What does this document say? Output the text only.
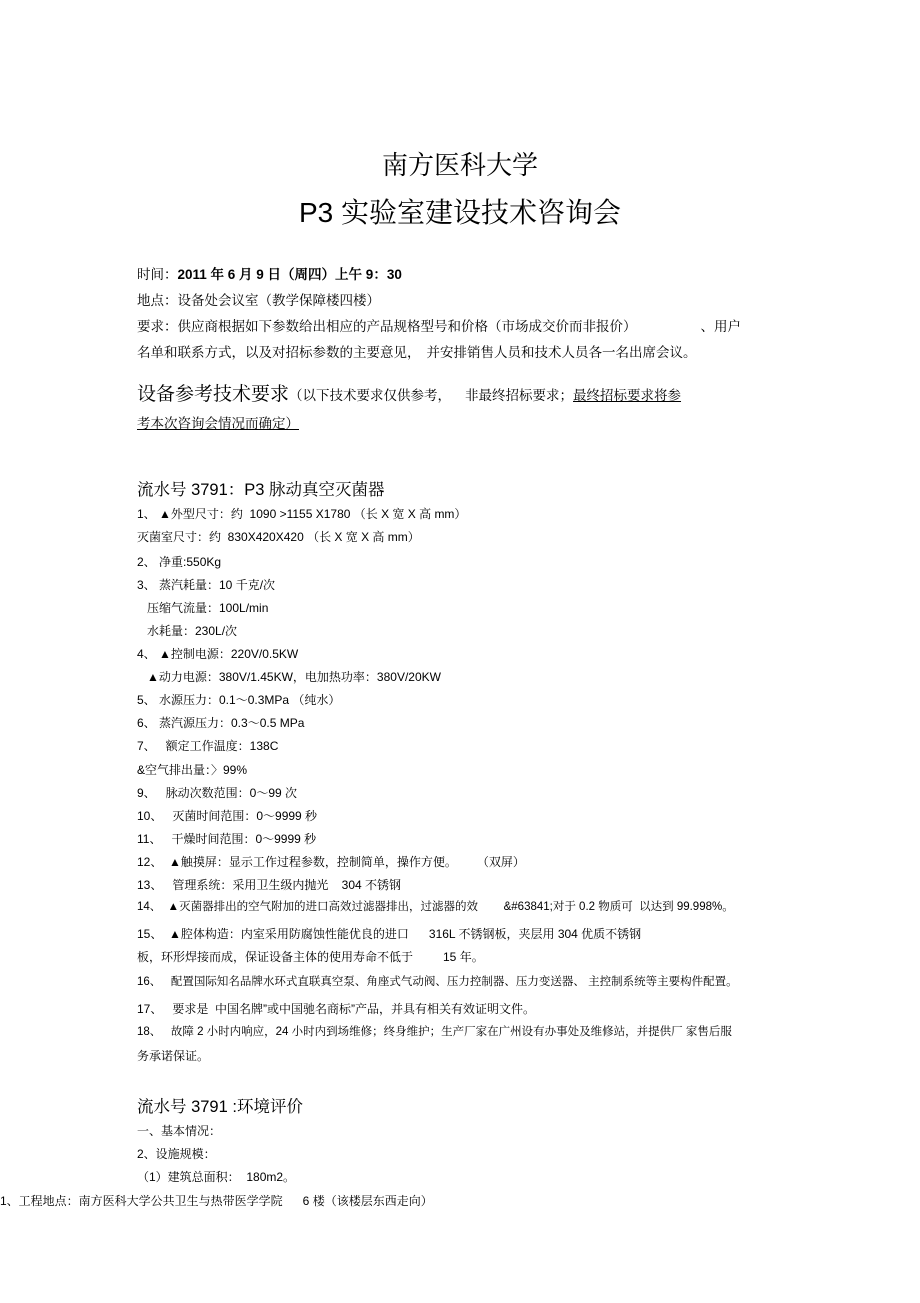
南方医科大学
P3 实验室建设技术咨询会
时间：2011 年 6 月 9 日（周四）上午 9：30
地点：设备处会议室（教学保障楼四楼）
要求：供应商根据如下参数给出相应的产品规格型号和价格（市场成交价而非报价）	、用户
名单和联系方式，以及对招标参数的主要意见， 并安排销售人员和技术人员各一名出席会议。
设备参考技术要求（以下技术要求仅供参考， 非最终招标要求；最终招标要求将参
考本次咨询会情况而确定）
流水号 3791：P3 脉动真空灭菌器
1、 ▲外型尺寸：约  1090 >1155 X1780 （长 X 宽 X 高 mm）
灭菌室尺寸：约  830X420X420 （长 X 宽 X 高 mm）
2、 净重:550Kg
3、 蒸汽耗量：10 千克/次
压缩气流量：100L/min
水耗量：230L/次
4、 ▲控制电源：220V/0.5KW
▲动力电源：380V/1.45KW，电加热功率：380V/20KW
5、 水源压力：0.1～0.3MPa （纯水）
6、 蒸汽源压力：0.3～0.5 MPa
7、   额定工作温度：138C
&空气排出量：〉99%
9、   脉动次数范围：0～99 次
10、   灭菌时间范围：0～9999 秒
11、   干燥时间范围：0～9999 秒
12、  ▲触摸屏：显示工作过程参数，控制简单，操作方便。      （双屏）
13、   管理系统：采用卫生级内抛光    304 不锈钢
14、  ▲灭菌器排出的空气附加的进口高效过滤器排出，过滤器的效        &#63841;对于 0.2 物质可  以达到 99.998%。
15、  ▲腔体构造：内室采用防腐蚀性能优良的进口      316L 不锈钢板，夹层用 304 优质不锈钢
板，环形焊接而成，保证设备主体的使用寿命不低于         15 年。
16、   配置国际知名品牌水环式直联真空泵、角座式气动阀、压力控制器、压力变送器、 主控制系统等主要构件配置。
17、   要求是  中国名牌”或中国驰名商标”产品，并具有相关有效证明文件。
18、   故障 2 小时内响应，24 小时内到场维修；终身维护；生产厂家在广州设有办事处及维修站，并提供厂 家售后服
务承诺保证。
流水号 3791 :环境评价
一、基本情况：
2、设施规模：
（1）建筑总面积：  180m2。
1、工程地点：南方医科大学公共卫生与热带医学学院      6 楼（该楼层东西走向）
